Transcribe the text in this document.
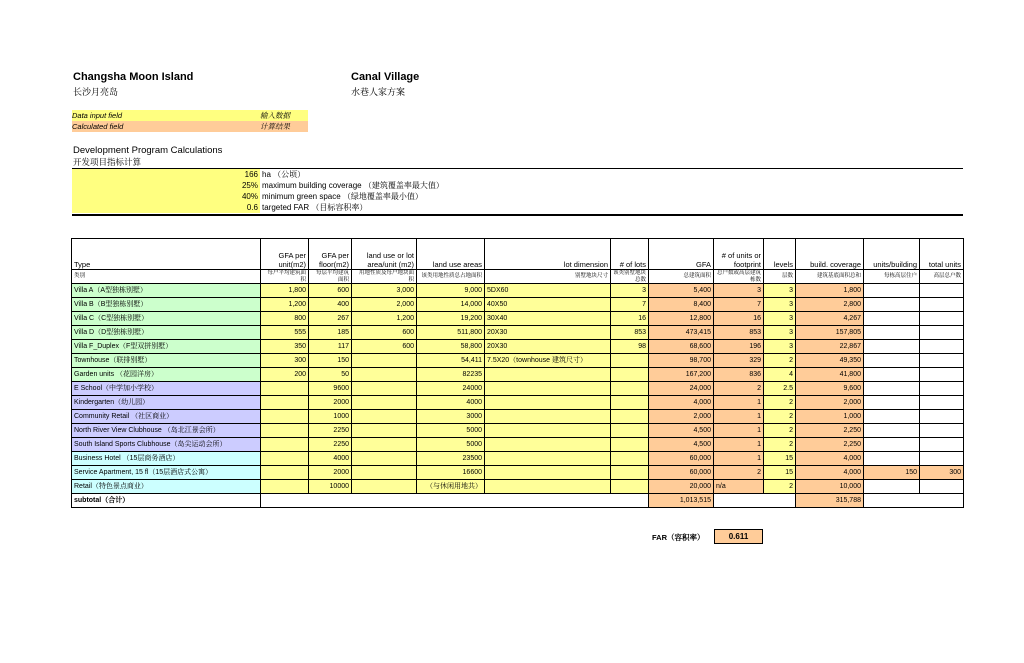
Changsha Moon Island
长沙月亮岛
Canal Village
水巷人家方案
Data input field	输入数据
Calculated field	计算结果
Development Program Calculations
开发项目指标计算
166 ha （公顷）
25% maximum building coverage （建筑覆盖率最大值）
40% minimum green space （绿地覆盖率最小值）
0.6 targeted FAR （目标容积率）
Type	GFA per unit(m2)	GFA per floor(m2)	land use or lot area/unit (m2)	land use areas	lot dimension	# of lots	GFA	# of units or footprint	levels	build. coverage	units/building	total units
类别	每户平均建筑面积	每层平均建筑面积	用地性质及每户地块面积	该类用地性质总占地面积	别墅地块尺寸	该类别墅地块总数	总建筑面积	总户数或高层建筑栋数	层数	建筑基底面积总和	每栋高层住户	高层总户数
Villa A（A型独栋别墅）	1,800	600	3,000	9,000	5DX60	3	5,400	3	3	1,800		
Villa B（B型独栋别墅）	1,200	400	2,000	14,000	40X50	7	8,400	7	3	2,800		
Villa C（C型独栋别墅）	800	267	1,200	19,200	30X40	16	12,800	16	3	4,267		
Villa D（D型独栋别墅）	555	185	600	511,800	20X30	853	473,415	853	3	157,805		
Villa F_Duplex（F型双拼别墅）	350	117	600	58,800	20X30	98	68,600	196	3	22,867		
Townhouse（联排别墅）	300	150		54,411	7.5X20（townhouse 建筑尺寸）		98,700	329	2	49,350		
Garden units （花园洋房）	200	50		82235			167,200	836	4	41,800		
E School（中学加小学校）		9600		24000			24,000	2	2.5	9,600		
Kindergarten（幼儿园）		2000		4000			4,000	1	2	2,000		
Community Retail （社区商业）		1000		3000			2,000	1	2	1,000		
North River View Clubhouse （岛北江景会所）		2250		5000			4,500	1	2	2,250		
South Island Sports Clubhouse（岛尖运动会所）		2250		5000			4,500	1	2	2,250		
Business Hotel （15层商务酒店）		4000		23500			60,000	1	15	4,000		
Service Apartment, 15 fl（15层酒店式公寓）		2000		16600			60,000	2	15	4,000	150	300
Retail（特色景点商业）		10000		（与休闲用地共）			20,000	n/a	2	10,000		
subtotal（合计）							1,013,515			315,788		
FAR（容积率）	0.611
